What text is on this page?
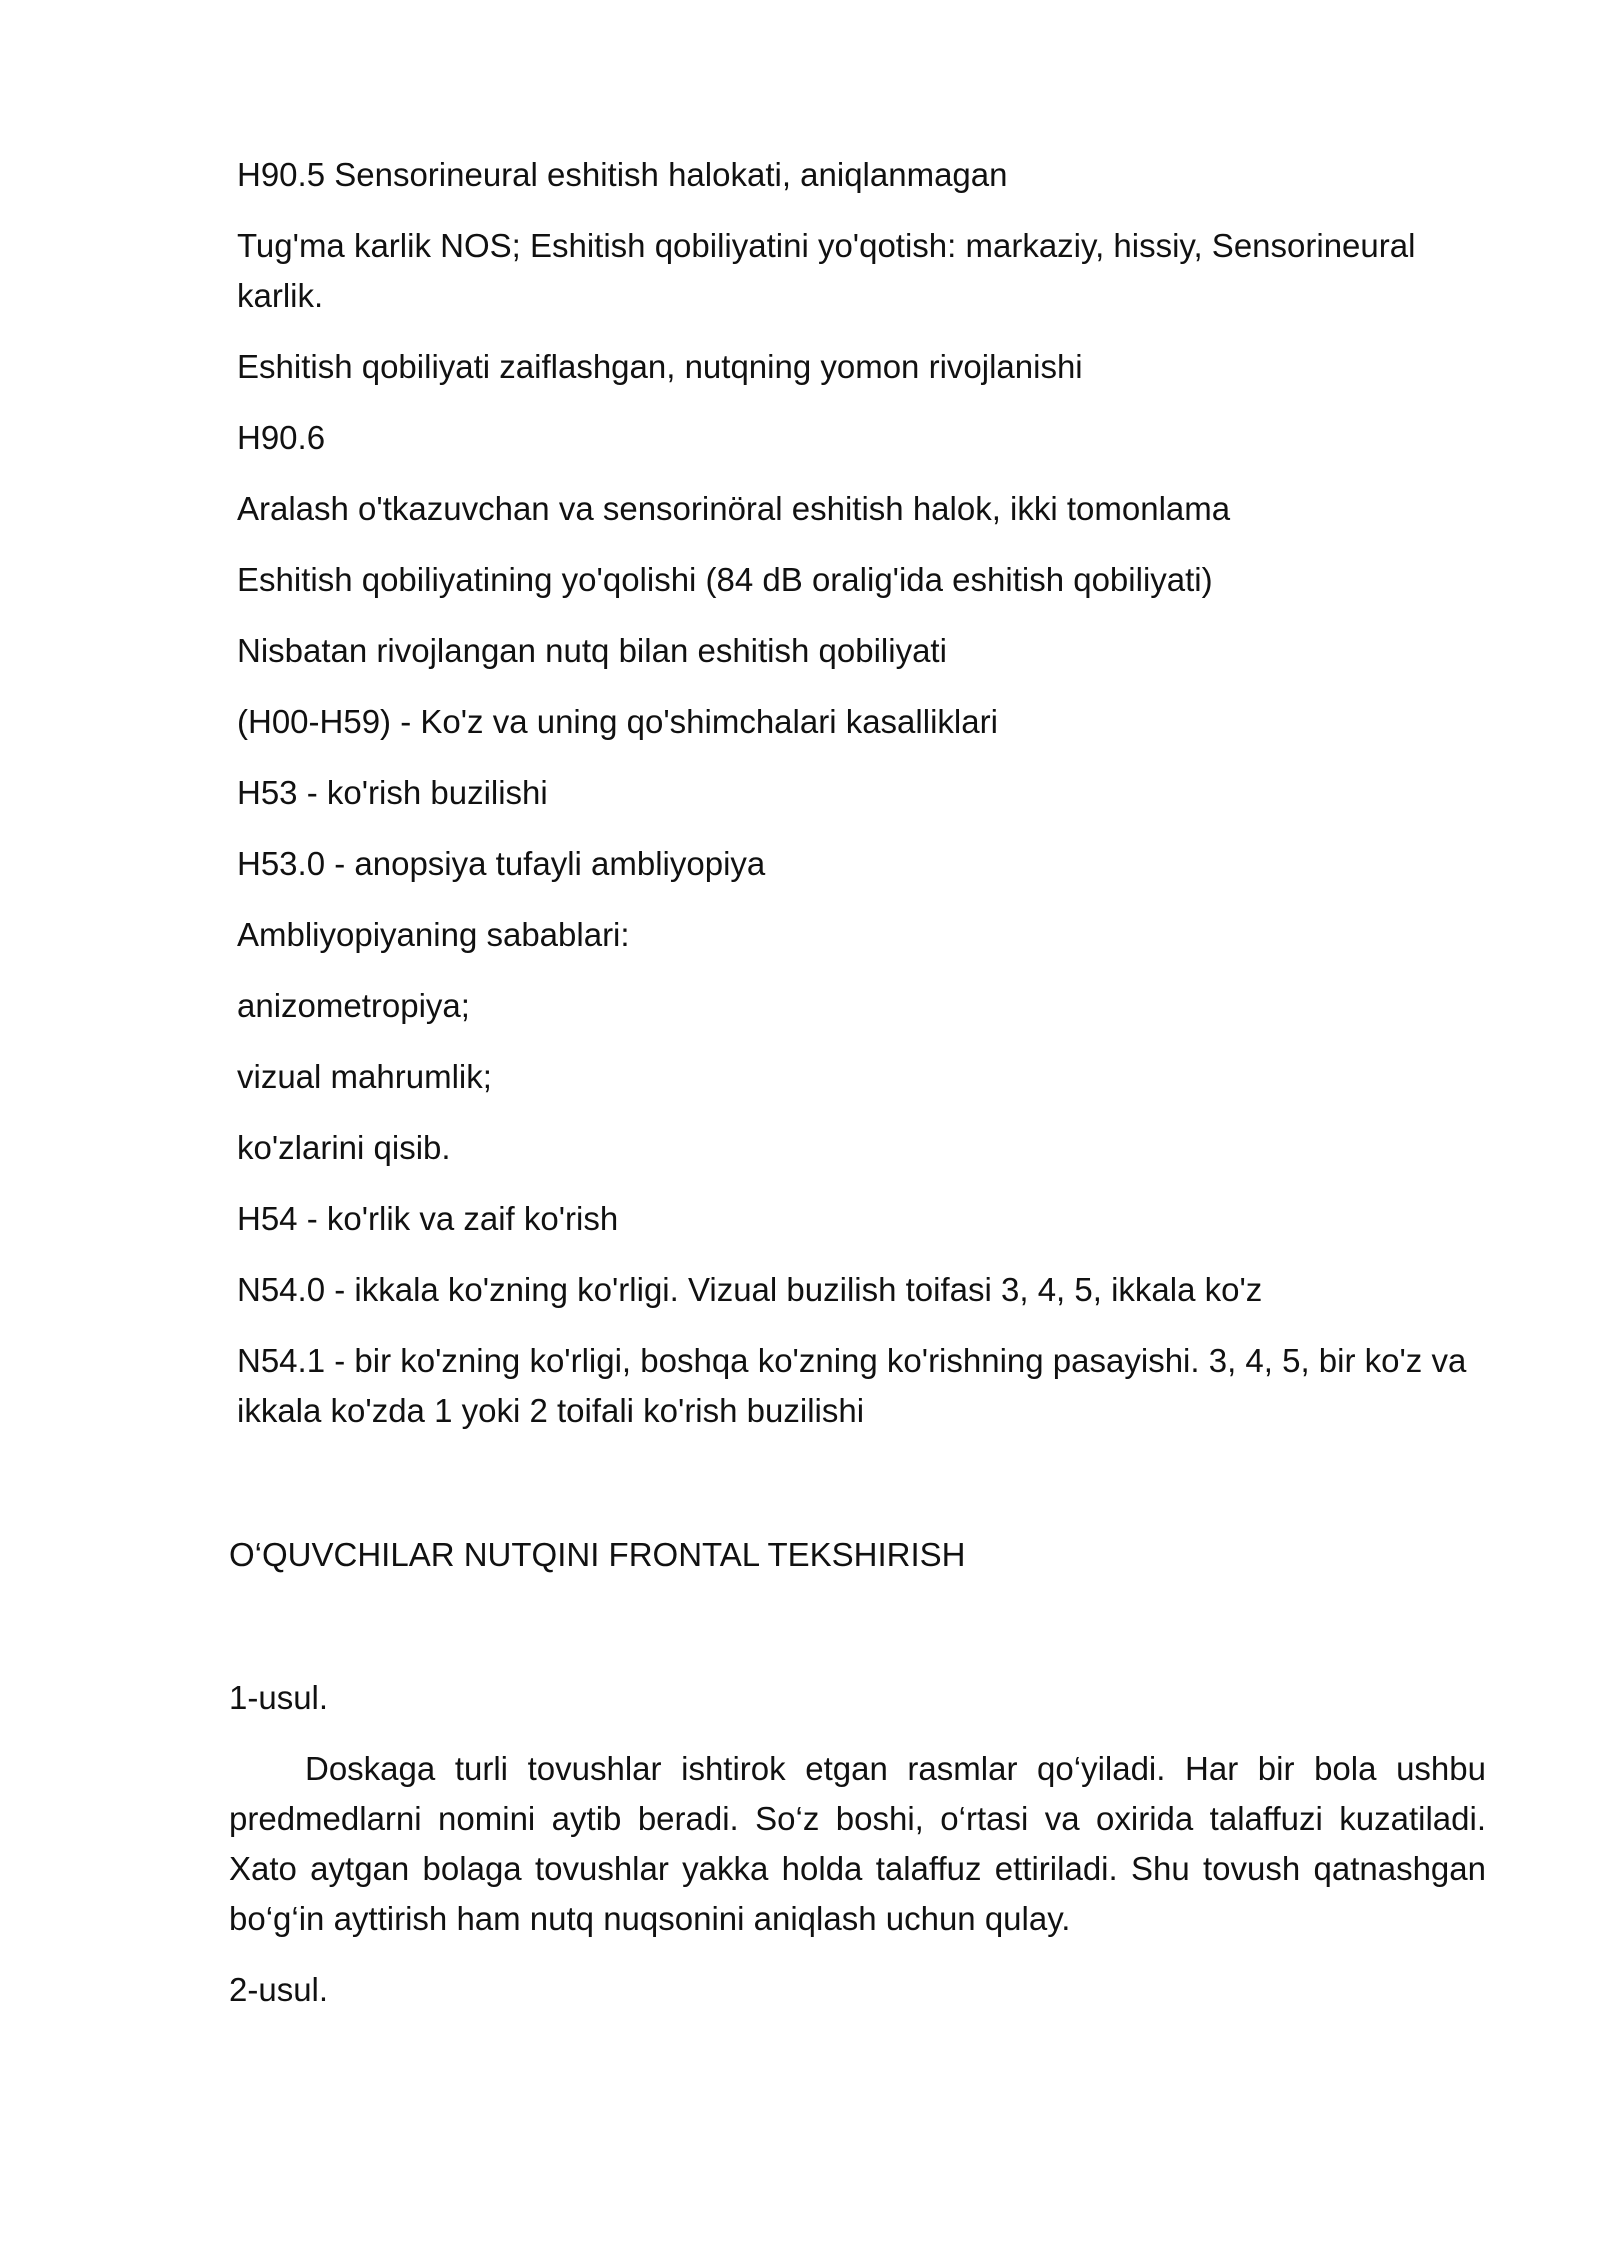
H90.5 Sensorineural eshitish halokati, aniqlanmagan

Tug'ma karlik NOS; Eshitish qobiliyatini yo'qotish: markaziy, hissiy, Sensorineural karlik.

Eshitish qobiliyati zaiflashgan, nutqning yomon rivojlanishi

H90.6

Aralash o'tkazuvchan va sensorinöral eshitish halok, ikki tomonlama

Eshitish qobiliyatining yo'qolishi (84 dB oralig'ida eshitish qobiliyati)

Nisbatan rivojlangan nutq bilan eshitish qobiliyati

(H00-H59) - Ko'z va uning qo'shimchalari kasalliklari

H53 - ko'rish buzilishi

H53.0 - anopsiya tufayli ambliyopiya

Ambliyopiyaning sabablari:

anizometropiya;

vizual mahrumlik;

ko'zlarini qisib.

H54 - ko'rlik va zaif ko'rish

N54.0 - ikkala ko'zning ko'rligi. Vizual buzilish toifasi 3, 4, 5, ikkala ko'z

N54.1 - bir ko'zning ko'rligi, boshqa ko'zning ko'rishning pasayishi. 3, 4, 5, bir ko'z va ikkala ko'zda 1 yoki 2 toifali ko'rish buzilishi

O‘QUVCHILAR NUTQINI FRONTAL TEKSHIRISH

1-usul.

Doskaga turli tovushlar ishtirok etgan rasmlar qo‘yiladi. Har bir bola ushbu predmedlarni nomini aytib beradi. So‘z boshi, o‘rtasi va oxirida talaffuzi kuzatiladi. Xato aytgan bolaga tovushlar yakka holda talaffuz ettiriladi. Shu tovush qatnashgan bo‘g‘in ayttirish ham nutq nuqsonini aniqlash uchun qulay.

2-usul.
